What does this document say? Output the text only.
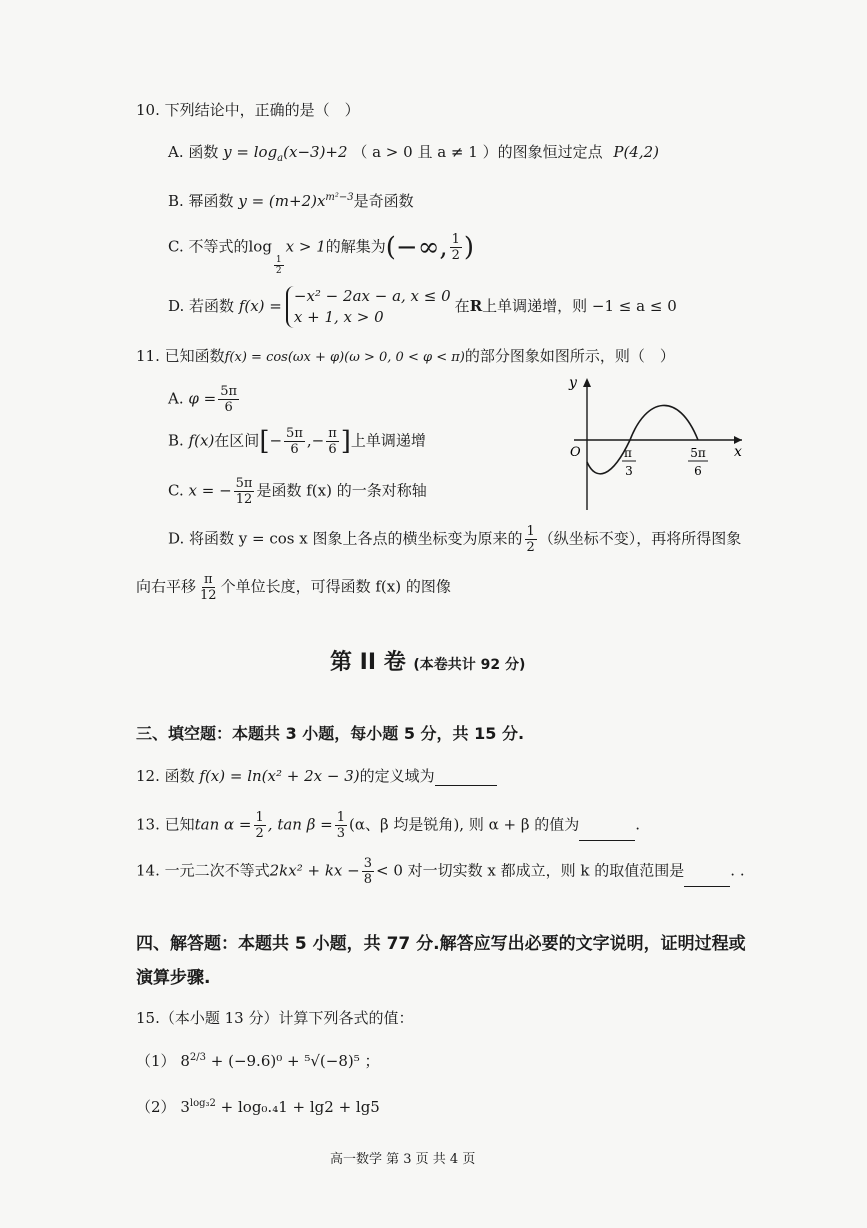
10. 下列结论中，正确的是（　）
A. 函数 $y = \log_a(x-3)+2$ （ a > 0 且 a ≠ 1 ）的图象恒过定点 P(4,2)
B. 幂函数 $y = (m+2)x^{m^2-3}$是奇函数
C. 不等式的log
$\frac{1}{2}$
x > 1的解集为(−∞, $\frac{1}{2}$ )
D. 若函数 f(x) =
−x² − 2ax − a, x ≤ 0
x + 1, x > 0
在R上单调递增，则 −1 ≤ a ≤ 0
11. 已知函数f(x) = cos(ωx + φ)(ω > 0, 0 < φ < π)的部分图象如图所示，则（　）
A. $\varphi = \frac{5\pi}{6}$
B. f(x)在区间[− $\frac{5\pi}{6}$ ,− $\frac{\pi}{6}$ ]上单调递增
C. x = − $\frac{5\pi}{12}$ 是函数 f(x) 的一条对称轴
D. 将函数 y = cos x 图象上各点的横坐标变为原来的 $\frac{1}{2}$ （纵坐标不变），再将所得图象
向右平移 $\frac{\pi}{12}$ 个单位长度，可得函数 f(x) 的图像
y
x
O	π
3
5π
6
第 II 卷 (本卷共计 92 分)
三、填空题：本题共 3 小题，每小题 5 分，共 15 分.
12. 函数 f(x) = ln(x² + 2x − 3)的定义域为
13. 已知$\tan \alpha = \frac{1}{2}$ , $\tan \beta = \frac{1}{3} (\alpha$、β 均是锐角), 则 α + β 的值为	.
14. 一元二次不等式2kx² + kx − $\frac{3}{8} < 0$ 对一切实数 x 都成立，则 k 的取值范围是	. .
四、解答题：本题共 5 小题，共 77 分.解答应写出必要的文字说明，证明过程或
演算步骤.
15.（本小题 13 分）计算下列各式的值：
（1） $8^{2/3} + (-9.6)^0 + ^5√(-8)^5$ ；
（2） $3^{log_32} + \log_0._41 + \lg 2 + \lg 5$
高一数学 第 3 页 共 4 页
